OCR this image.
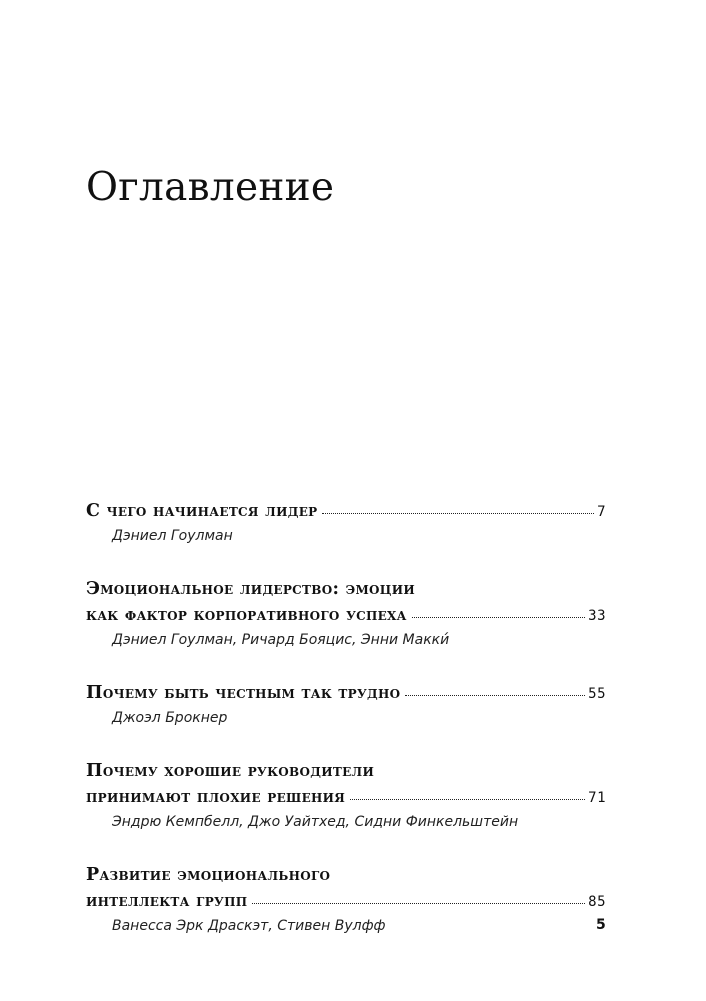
Оглавление
С чего начинается лидер	7
Дэниел Гоулман
Эмоциональное лидерство: эмоции
как фактор корпоративного успеха	33
Дэниел Гоулман, Ричард Бояцис, Энни Макки́
Почему быть честным так трудно	55
Джоэл Брокнер
Почему хорошие руководители
принимают плохие решения	71
Эндрю Кемпбелл, Джо Уайтхед, Сидни Финкельштейн
Развитие эмоционального
интеллекта групп	85
Ванесса Эрк Драскэт, Стивен Вулфф	5
